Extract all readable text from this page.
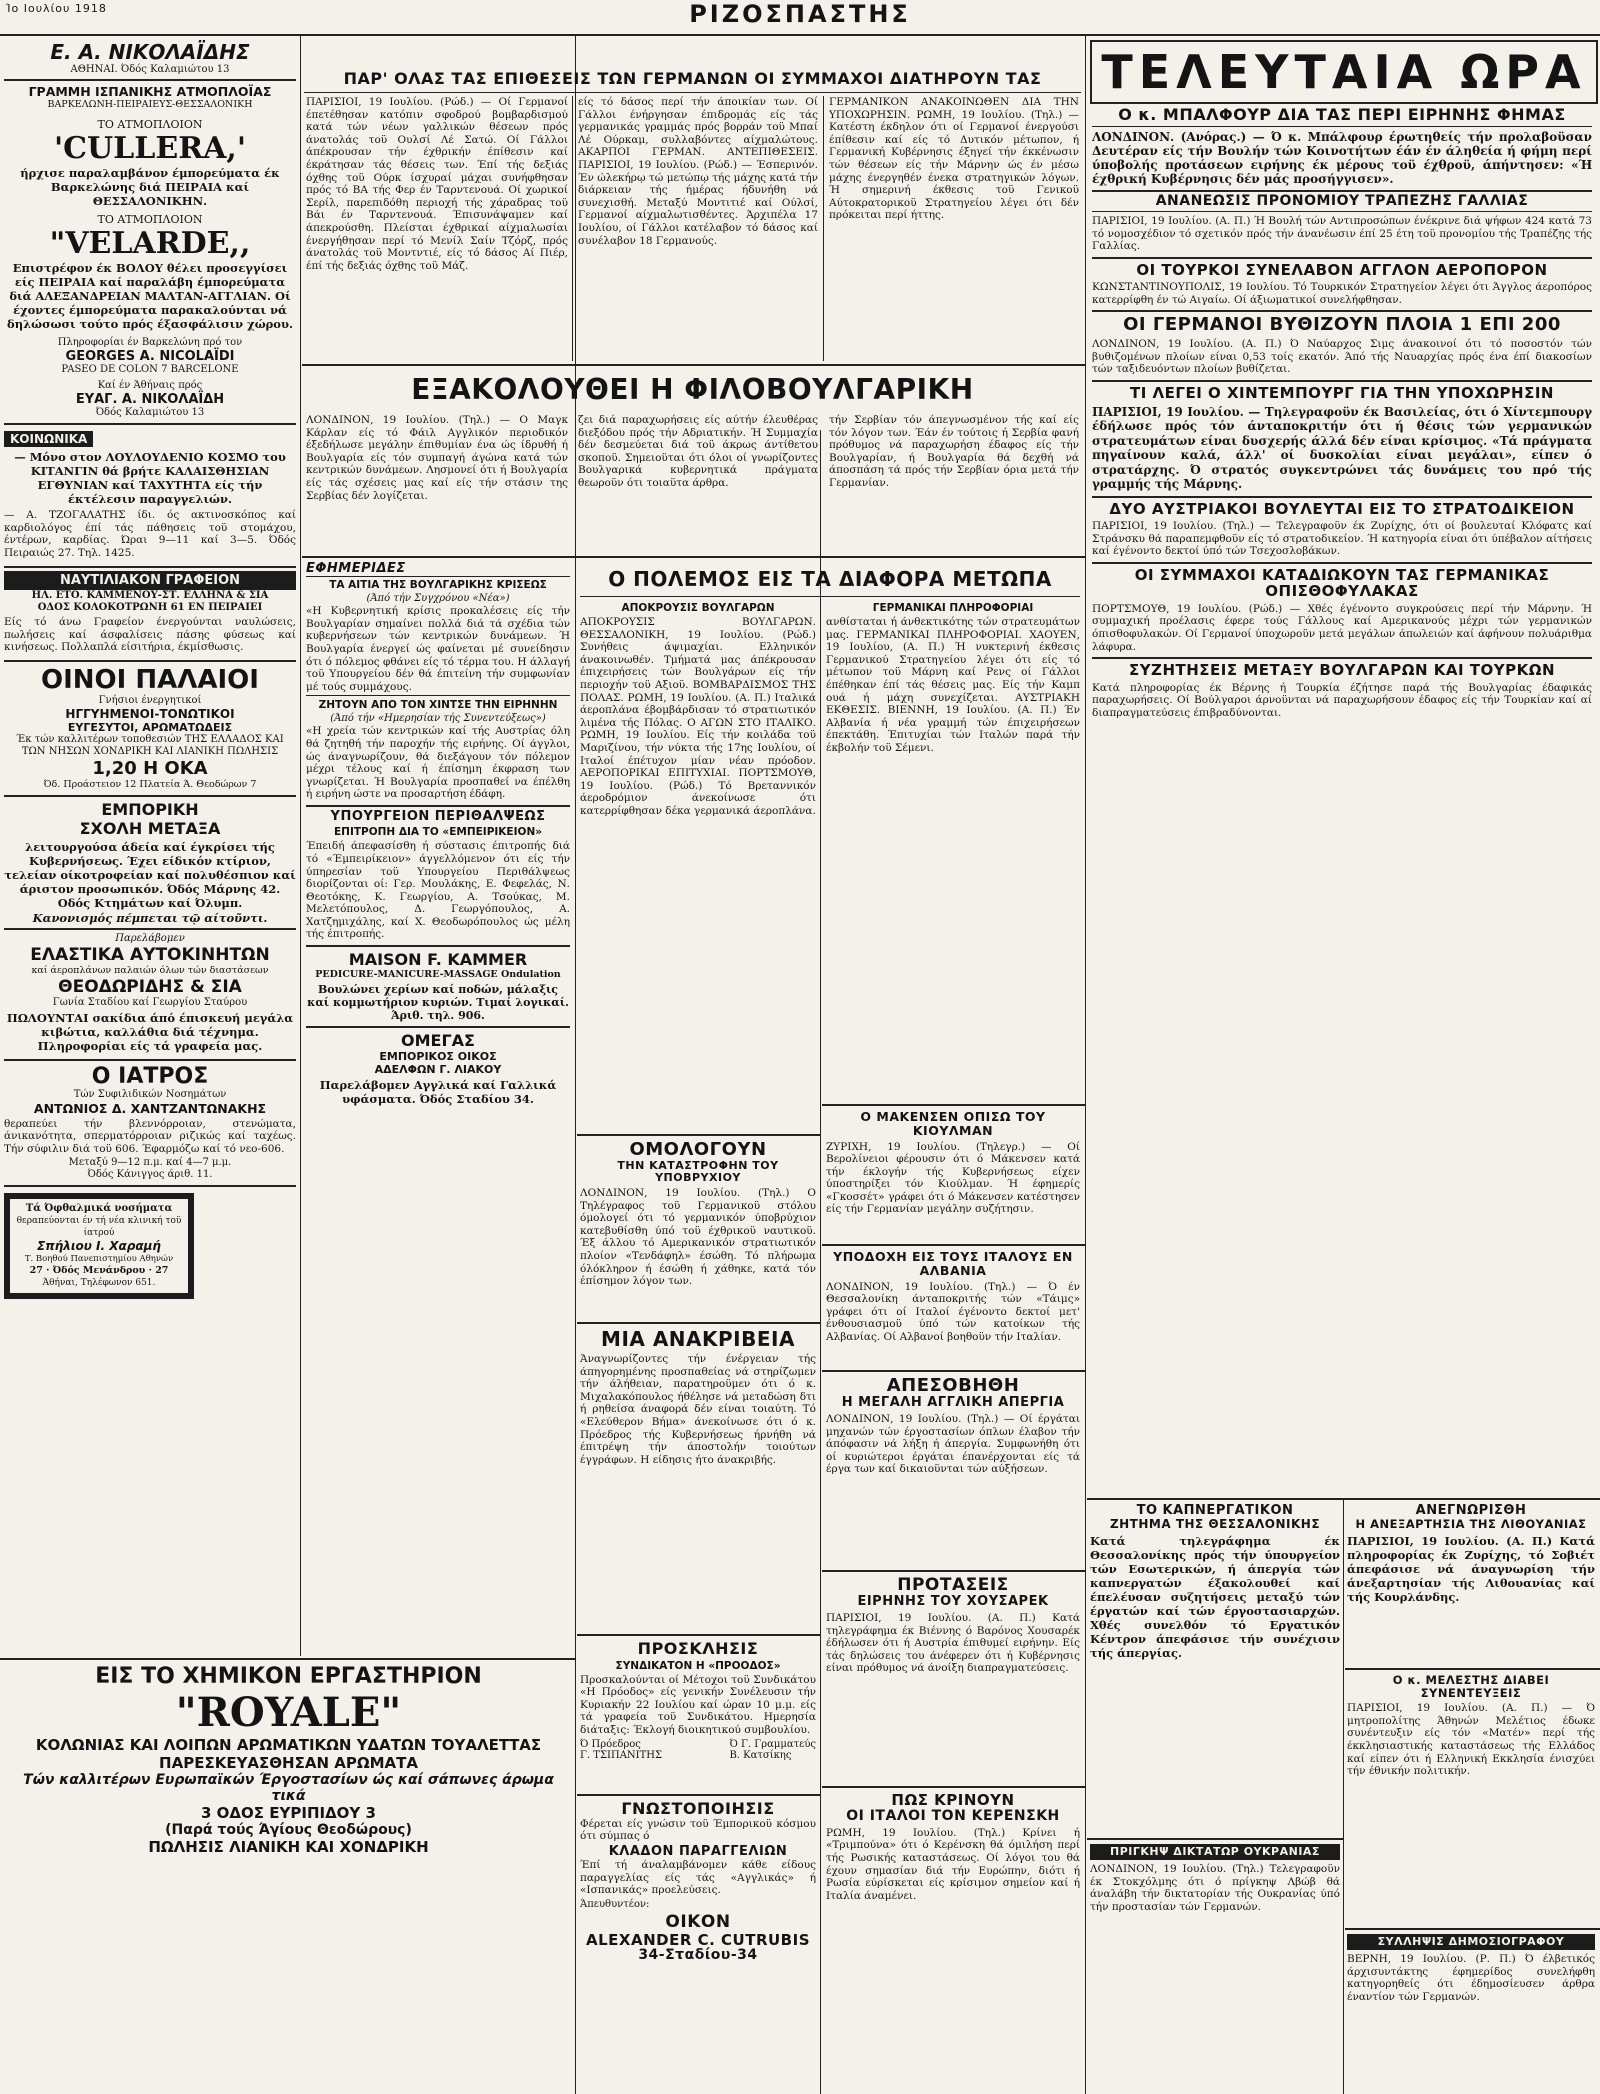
Ίο Ιουλίου 1918	ΡΙΖΟΣΠΑΣΤΗΣ
Ε. Α. ΝΙΚΟΛΑΪΔΗΣ
ΑΘΗΝΑΙ. Όδός Καλαμιώτου 13
ΓΡΑΜΜΗ ΙΣΠΑΝΙΚΗΣ ΑΤΜΟΠΛΟΪΑΣ
ΒΑΡΚΕΛΩΝΗ-ΠΕΙΡΑΙΕΥΣ-ΘΕΣΣΑΛΟΝΙΚΗ
ΤΟ ΑΤΜΟΠΛΟΙΟΝ
'CULLERA,'
ήρχισε παραλαμβάνον έμπορεύματα έκ Βαρκελώνης διά ΠΕΙΡΑΙΑ καί ΘΕΣΣΑΛΟΝΙΚΗΝ.
ΤΟ ΑΤΜΟΠΛΟΙΟΝ
"VELARDE,,
Επιστρέφον έκ ΒΟΛΟΥ θέλει προσεγγίσει είς ΠΕΙΡΑΙΑ καί παραλάβη έμπορεύματα διά ΑΛΕΞΑΝΔΡΕΙΑΝ ΜΑΛΤΑΝ-ΑΓΓΛΙΑΝ. Οί έχοντες έμπορεύματα παρακαλούνται νά δηλώσωσι τούτο πρός έξασφάλισιν χώρου.
Πληροφορίαι έν Βαρκελώνη πρό τον
GEORGES A. NICOLAÏDI
PASEO DE COLON 7 BARCELONE
Καί έν Άθήναις πρός
ΕΥΑΓ. Α. ΝΙΚΟΛΑΪΔΗ
Όδός Καλαμιώτου 13
ΚΟΙΝΩΝΙΚΑ

— Μόνο στον ΛΟΥΛΟΥΔΕΝΙΟ ΚΟΣΜΟ του ΚΙΤΑΝΓΙΝ θά βρήτε ΚΑΛΑΙΣΘΗΣΙΑΝ ΕΓΘΥΝΙΑΝ καί ΤΑΧΥΤΗΤΑ είς τήν έκτέλεσιν παραγγελιών.

— Α. ΤΖΟΓΑΛΑΤΗΣ ίδι. ός ακτινοσκόπος καί καρδιολόγος έπί τάς πάθησεις τοϋ στομάχου, έντέρων, καρδίας. Ώραι 9—11 καί 3—5. Όδός Πειραιώς 27. Τηλ. 1425.

ΝΑΥΤΙΛΙΑΚΟΝ ΓΡΑΦΕΙΟΝ
ΗΛ. ΕΤΟ. ΚΑΜΜΕΝΟΥ-ΣΤ. ΕΛΛΗΝΑ & ΣΙΑ
ΟΔΟΣ ΚΟΛΟΚΟΤΡΩΝΗ 61 ΕΝ ΠΕΙΡΑΙΕΙ

Είς τό άνω Γραφείον ένεργούνται ναυλώσεις, πωλήσεις καί άσφαλίσεις πάσης φύσεως καί κινήσεως. Πολλαπλά είσιτήρια, έκμίσθωσις.

ΟΙΝΟΙ ΠΑΛΑΙΟΙ
Γνήσιοι ένεργητικοί
ΗΓΓΥΗΜΕΝΟΙ-ΤΟΝΩΤΙΚΟΙ
ΕΥΓΕΣΥΤΟΙ, ΑΡΩΜΑΤΩΔΕΙΣ
Έκ τών καλλιτέρων τοποθεσιών ΤΗΣ ΕΛΛΑΔΟΣ ΚΑΙ ΤΩΝ ΝΗΣΩΝ ΧΟΝΔΡΙΚΗ ΚΑΙ ΛΙΑΝΙΚΗ ΠΩΛΗΣΙΣ
1,20 Η ΟΚΑ
Όδ. Προάστειον 12 Πλατεία Ά. Θεοδώρων 7
ΕΜΠΟΡΙΚΗ
ΣΧΟΛΗ ΜΕΤΑΞΑ

λειτουργούσα άδεία καί έγκρίσει τής Κυβερνήσεως. Έχει είδικόν κτίριον, τελείαν οίκοτροφείαν καί πολυθέσπιον καί άριστον προσωπικόν. Όδός Μάρνης 42. Οδός Κτημάτων καί Όλυμπ.

Κανονισμός πέμπεται τῷ αίτοῦντι.
Παρελάβομεν
ΕΛΑΣΤΙΚΑ ΑΥΤΟΚΙΝΗΤΩΝ
καί άεροπλάνων παλαιών όλων τών διαστάσεων
ΘΕΟΔΩΡΙΔΗΣ & ΣΙΑ
Γωνία Σταδίου καί Γεωργίου Σταύρου

ΠΩΛΟΥΝΤΑΙ σακίδια άπό έπισκευή μεγάλα κιβώτια, καλλάθια διά τέχνημα. Πληροφορίαι είς τά γραφεία μας.

Ο ΙΑΤΡΟΣ
Τών Συφιλιδικών Νοσημάτων
ΑΝΤΩΝΙΟΣ Δ. ΧΑΝΤΖΑΝΤΩΝΑΚΗΣ

θεραπεύει τήν βλεννόρροιαν, στενώματα, άνικανότητα, σπερματόρροιαν ριζικώς καί ταχέως. Τήν σύφιλιν διά τοϋ 606. Έφαρμόζω καί τό νεο-606.

Μεταξύ 9—12 π.μ. καί 4—7 μ.μ.
Όδός Κάνιγγος άριθ. 11.
Τά Όφθαλμικά νοσήματα
θεραπεύονται έν τή νέα κλινική τοϋ ίατρού
Σπήλιου Ι. Χαραμή
Τ. Βοηθού Πανεπιστημίου Αθηνών
27 · Όδός Μενάνδρου · 27
Άθήναι, Τηλέφωνον 651.
ΕΙΣ ΤΟ ΧΗΜΙΚΟΝ ΕΡΓΑΣΤΗΡΙΟΝ
"ROYALE"
ΚΟΛΩΝΙΑΣ ΚΑΙ ΛΟΙΠΩΝ ΑΡΩΜΑΤΙΚΩΝ ΥΔΑΤΩΝ ΤΟΥΑΛΕΤΤΑΣ
ΠΑΡΕΣΚΕΥΑΣΘΗΣΑΝ ΑΡΩΜΑΤΑ
Τών καλλιτέρων Ευρωπαϊκών Έργοστασίων ώς καί σάπωνες άρωμα τικά
3 ΟΔΟΣ ΕΥΡΙΠΙΔΟΥ 3
(Παρά τούς Άγίους Θεοδώρους)
ΠΩΛΗΣΙΣ ΛΙΑΝΙΚΗ ΚΑΙ ΧΟΝΔΡΙΚΗ
ΠΑΡ' ΟΛΑΣ ΤΑΣ ΕΠΙΘΕΣΕΙΣ ΤΩΝ ΓΕΡΜΑΝΩΝ ΟΙ ΣΥΜΜΑΧΟΙ ΔΙΑΤΗΡΟΥΝ ΤΑΣ

ΠΑΡΙΣΙΟΙ, 19 Ιουλίου. (Ρώδ.) — Οί Γερμανοί έπετέθησαν κατόπιν σφοδρού βομβαρδισμού κατά τών νέων γαλλικών θέσεων πρός άνατολάς τοϋ Ουλσί Λέ Σατώ. Οί Γάλλοι άπέκρουσαν τήν έχθρικήν έπίθεσιν καί έκράτησαν τάς θέσεις των. Έπί τής δεξιάς όχθης τοϋ Ούρκ ίσχυραί μάχαι συνήφθησαν πρός τό ΒΑ τής Φερ έν Ταρντενουά. Οί χωρικοί Σερίλ, παρεπιδόθη περιοχή τής χάραδρας τοϋ Βάι έν Ταρντενουά. Έπισυνάψαμεν καί άπεκρούσθη. Πλείσται έχθρικαί αίχμαλωσίαι ένεργήθησαν περί τό Μενίλ Σαίν Τζόρζ, πρός άνατολάς τοϋ Μοντντιέ, είς τό δάσος Αί Πιέρ, έπί τής δεξιάς όχθης τοϋ Μάζ.

είς τό δάσος περί τήν άποικίαν των. Οί Γάλλοι ένήργησαν έπιδρομάς είς τάς γερμανικάς γραμμάς πρός βορράν τοϋ Μπαί Λέ Ούρκαμ, συλλαβόντες αίχμαλώτους. ΑΚΑΡΠΟΙ ΓΕΡΜΑΝ. ΑΝΤΕΠΙΘΕΣΕΙΣ. ΠΑΡΙΣΙΟΙ, 19 Ιουλίου. (Ρώδ.) — Έσπερινόν. Έν ώλεκήρῳ τώ μετώπῳ τής μάχης κατά τήν διάρκειαν τής ήμέρας ήδυνήθη νά συνεχισθή. Μεταξύ Μοντιτιέ καί Ούλσί, Γερμανοί αίχμαλωτισθέντες. Άρχιπέλα 17 Ιουλίου, οί Γάλλοι κατέλαβον τό δάσος καί συνέλαβον 18 Γερμανούς.

ΓΕΡΜΑΝΙΚΟΝ ΑΝΑΚΟΙΝΩΘΕΝ ΔΙΑ ΤΗΝ ΥΠΟΧΩΡΗΣΙΝ. ΡΩΜΗ, 19 Ιουλίου. (Τηλ.) — Κατέστη έκδηλον ότι οί Γερμανοί ένεργούσι έπίθεσιν καί είς τό Δυτικόν μέτωπον, ή Γερμανική Κυβέρνησις έξηγεί τήν έκκένωσιν τών θέσεων είς τήν Μάρνην ώς έν μέσω μάχης ένεργηθέν ένεκα στρατηγικών λόγων. Ή σημερινή έκθεσις τοϋ Γενικοϋ Αύτοκρατορικοϋ Στρατηγείου λέγει ότι δέν πρόκειται περί ήττης.

ΕΞΑΚΟΛΟΥΘΕΙ Η ΦΙΛΟΒΟΥΛΓΑΡΙΚΗ

ΛΟΝΔΙΝΟΝ, 19 Ιουλίου. (Τηλ.) — Ο Μαγκ Κάρλαν είς τό Φάιλ Αγγλικόν περιοδικόν έξεδήλωσε μεγάλην έπιθυμίαν ένα ώς ίδρυθή ή Βουλγαρία είς τόν συμπαγή άγώνα κατά τών κεντρικών δυνάμεων. Λησμονεί ότι ή Βουλγαρία είς τάς σχέσεις μας καί είς τήν στάσιν της Σερβίας δέν λογίζεται.

ζει διά παραχωρήσεις είς αύτήν έλευθέρας διεξόδου πρός τήν Αδριατικήν. Ή Συμμαχία δέν δεσμεύεται διά τοϋ άκρως άντίθετου σκοποϋ. Σημειοϋται ότι όλοι οί γνωρίζοντες Βουλγαρικά κυβερνητικά πράγματα θεωροϋν ότι τοιαϋτα άρθρα.

τήν Σερβίαν τόν άπεγνωσμένον τής καί είς τόν λόγον των. Έάν έν τούτοις ή Σερβία φανή πρόθυμος νά παραχωρήση έδαφος είς τήν Βουλγαρίαν, ή Βουλγαρία θά δεχθή νά άποσπάση τά πρός τήν Σερβίαν όρια μετά τήν Γερμανίαν.

ΕΦΗΜΕΡΙΔΕΣ
ΤΑ ΑΙΤΙΑ ΤΗΣ ΒΟΥΛΓΑΡΙΚΗΣ ΚΡΙΣΕΩΣ
(Άπό τήν Συγχρόνου «Νέα»)

«Η Κυβερνητική κρίσις προκαλέσεις είς τήν Βουλγαρίαν σημαίνει πολλά διά τά σχέδια τών κυβερνήσεων τών κεντρικών δυνάμεων. Ή Βουλγαρία ένεργεί ώς φαίνεται μέ συνείδησιν ότι ό πόλεμος φθάνει είς τό τέρμα του. Η άλλαγή τοϋ Υπουργείου δέν θά έπιτείνη τήν συμφωνίαν μέ τούς συμμάχους.

ΖΗΤΟΥΝ ΑΠΟ ΤΟΝ ΧΙΝΤΣΕ ΤΗΝ ΕΙΡΗΝΗΝ
(Άπό τήν «Ημερησίαν τής Συνεντεύξεως»)

«Η χρεία τών κεντρικών καί τής Αυστρίας όλη θά ζητηθή τήν παροχήν τής ειρήνης. Οί άγγλοι, ώς άναγνωρίζουν, θά διεξάγουν τόν πόλεμον μέχρι τέλους καί ή έπίσημη έκφραση των γνωρίζεται. Ή Βουλγαρία προσπαθεί να έπέλθη ή ειρήνη ώστε να προσαρτήση έδάφη.

ΥΠΟΥΡΓΕΙΟΝ ΠΕΡΙΘΑΛΨΕΩΣ
ΕΠΙΤΡΟΠΗ ΔΙΑ ΤΟ «ΕΜΠΕΙΡΙΚΕΙΟΝ»

Έπειδή άπεφασίσθη ή σύστασις έπιτροπής διά τό «Έμπειρίκειον» άγγελλόμενον ότι είς τήν ύπηρεσίαν τοϋ Υπουργείου Περιθάλψεως διορίζονται οί: Γερ. Μουλάκης, Ε. Φεφελάς, Ν. Θεοτόκης, Κ. Γεωργίου, Α. Τσούκας, Μ. Μελετόπουλος, Δ. Γεωργόπουλος, Α. Χατζημιχάλης, καί Χ. Θεοδωρόπουλος ώς μέλη τής έπιτροπής.

MAISON F. KAMMER
PEDICURE-MANICURE-MASSAGE Ondulation

Βουλώνει χερίων καί ποδών, μάλαξις καί κομμωτήριον κυριών. Τιμαί λογικαί. Άριθ. τηλ. 906.

ΟΜΕΓΑΣ
ΕΜΠΟΡΙΚΟΣ ΟΙΚΟΣ
ΑΔΕΛΦΩΝ Γ. ΛΙΑΚΟΥ

Παρελάβομεν Αγγλικά καί Γαλλικά υφάσματα. Όδός Σταδίου 34.

Ο ΠΟΛΕΜΟΣ ΕΙΣ ΤΑ ΔΙΑΦΟΡΑ ΜΕΤΩΠΑ
ΑΠΟΚΡΟΥΣΙΣ ΒΟΥΛΓΑΡΩΝ

ΑΠΟΚΡΟΥΣΙΣ ΒΟΥΛΓΑΡΩΝ. ΘΕΣΣΑΛΟΝΙΚΗ, 19 Ιουλίου. (Ρώδ.) Συνήθεις άψιμαχίαι. Ελληνικόν άνακοινωθέν. Τμήματά μας άπέκρουσαν έπιχειρήσεις τών Βουλγάρων είς τήν περιοχήν τοϋ Αξιοϋ. ΒΟΜΒΑΡΔΙΣΜΟΣ ΤΗΣ ΠΟΛΑΣ. ΡΩΜΗ, 19 Ιουλίου. (Α. Π.) Ιταλικά άεροπλάνα έβομβάρδισαν τό στρατιωτικόν λιμένα τής Πόλας. Ο ΑΓΩΝ ΣΤΟ ΙΤΑΛΙΚΟ. ΡΩΜΗ, 19 Ιουλίου. Είς τήν κοιλάδα τοϋ Μαριζίνου, τήν νύκτα τής 17ης Ιουλίου, οί Ιταλοί έπέτυχον μίαν νέαν πρόοδον. ΑΕΡΟΠΟΡΙΚΑΙ ΕΠΙΤΥΧΙΑΙ. ΠΟΡΤΣΜΟΥΘ, 19 Ιουλίου. (Ρώδ.) Τό Βρεταννικόν άεροδρόμιον άνεκοίνωσε ότι κατερρίφθησαν δέκα γερμανικά άεροπλάνα.

ΓΕΡΜΑΝΙΚΑΙ ΠΛΗΡΟΦΟΡΙΑΙ

ανθίσταται ή άνθεκτικότης τών στρατευμάτων μας. ΓΕΡΜΑΝΙΚΑΙ ΠΛΗΡΟΦΟΡΙΑΙ. ΧΑΟΥΕΝ, 19 Ιουλίου, (Α. Π.) Ή νυκτερινή έκθεσις Γερμανικού Στρατηγείου λέγει ότι είς τό μέτωπον τοϋ Μάρνη καί Ρενς οί Γάλλοι έπέθηκαν έπί τάς θέσεις μας. Είς τήν Καμπ ουά ή μάχη συνεχίζεται. ΑΥΣΤΡΙΑΚΗ ΕΚΘΕΣΙΣ. ΒΙΕΝΝΗ, 19 Ιουλίου. (Α. Π.) Έν Αλβανία ή νέα γραμμή τών έπιχειρήσεων έπεκτάθη. Έπιτυχίαι τών Ιταλών παρά τήν έκβολήν τοϋ Σέμενι.

ΟΜΟΛΟΓΟΥΝ
ΤΗΝ ΚΑΤΑΣΤΡΟΦΗΝ ΤΟΥ ΥΠΟΒΡΥΧΙΟΥ

ΛΟΝΔΙΝΟΝ, 19 Ιουλίου. (Τηλ.) Ο Τηλέγραφος τοϋ Γερμανικοϋ στόλου όμολογεί ότι τό γερμανικόν ύποβρύχιον κατεβυθίσθη ύπό τοϋ έχθρικοϋ ναυτικοϋ. Έξ άλλου τό Αμερικανικόν στρατιωτικόν πλοίον «Τενδάφηλ» έσώθη. Τό πλήρωμα όλόκληρον ή έσώθη ή χάθηκε, κατά τόν έπίσημον λόγον των.

ΜΙΑ ΑΝΑΚΡΙΒΕΙΑ

Άναγνωρίζοντες τήν ένέργειαν τής άπηγορημένης προσπαθείας νά στηρίζωμεν τήν άλήθειαν, παρατηροϋμεν ότι ό κ. Μιχαλακόπουλος ήθέλησε νά μεταδώση δτι ή ρηθείσα άναφορά δέν είναι τοιαύτη. Τό «Ελεύθερον Βήμα» άνεκοίνωσε ότι ό κ. Πρόεδρος τής Κυβερνήσεως ήρνήθη νά έπιτρέψη τήν άποστολήν τοιούτων έγγράφων. Η είδησις ήτο άνακριβής.

ΠΡΟΣΚΛΗΣΙΣ
ΣΥΝΔΙΚΑΤΟΝ Η «ΠΡΟΟΔΟΣ»

Προσκαλούνται οί Μέτοχοι τοϋ Συνδικάτου «Η Πρόοδος» είς γενικήν Συνέλευσιν τήν Κυριακήν 22 Ιουλίου καί ώραν 10 μ.μ. είς τά γραφεία τοϋ Συνδικάτου. Ημερησία διάταξις: Έκλογή διοικητικού συμβουλίου.

Ό Πρόεδρος
Γ. ΤΣΙΠΑΝΙΤΗΣ
Ό Γ. Γραμματεύς
Β. Κατσίκης
ΓΝΩΣΤΟΠΟΙΗΣΙΣ

Φέρεται είς γνώσιν τοϋ Έμπορικοϋ κόσμου ότι σύμπας ό

ΚΛΑΔΟΝ ΠΑΡΑΓΓΕΛΙΩΝ

Έπί τή άναλαμβάνομεν κάθε είδους παραγγελίας είς τάς «Αγγλικάς» ή «Ισπανικάς» προελεύσεις.

Άπευθυντέον:
ΟΙΚΟΝ
ALEXANDER C. CUTRUBIS
34-Σταδίου-34
Ο ΜΑΚΕΝΣΕΝ ΟΠΙΣΩ ΤΟΥ ΚΙΟΥΛΜΑΝ

ΖΥΡΙΧΗ, 19 Ιουλίου. (Τηλεγρ.) — Οί Βερολίνειοι φέρουσιν ότι ό Μάκενσεν κατά τήν έκλογήν τής Κυβερνήσεως είχεν ύποστηρίξει τόν Κιούλμαν. Ή έφημερίς «Γκοσσέτ» γράφει ότι ό Μάκενσεν κατέστησεν είς τήν Γερμανίαν μεγάλην συζήτησιν.

ΥΠΟΔΟΧΗ ΕΙΣ ΤΟΥΣ ΙΤΑΛΟΥΣ ΕΝ ΑΛΒΑΝΙΑ

ΛΟΝΔΙΝΟΝ, 19 Ιουλίου. (Τηλ.) — Ό έν Θεσσαλονίκη άνταποκριτής τών «Τάιμς» γράφει ότι οί Ιταλοί έγένοντο δεκτοί μετ' ένθουσιασμοϋ ύπό τών κατοίκων τής Αλβανίας. Οί Αλβανοί βοηθοϋν τήν Ιταλίαν.

ΑΠΕΣΟΒΗΘΗ
Η ΜΕΓΑΛΗ ΑΓΓΛΙΚΗ ΑΠΕΡΓΙΑ

ΛΟΝΔΙΝΟΝ, 19 Ιουλίου. (Τηλ.) — Οί έργάται μηχανών τών έργοστασίων όπλων έλαβον τήν άπόφασιν νά λήξη ή άπεργία. Συμφωνήθη ότι οί κυριώτεροι έργάται έπανέρχονται είς τά έργα των καί δικαιοϋνται τών αύξήσεων.

ΠΡΟΤΑΣΕΙΣ
ΕΙΡΗΝΗΣ ΤΟΥ ΧΟΥΣΑΡΕΚ

ΠΑΡΙΣΙΟΙ, 19 Ιουλίου. (Α. Π.) Κατά τηλεγράφημα έκ Βιέννης ό Βαρόνος Χουσαρέκ έδήλωσεν ότι ή Αυστρία έπιθυμεί ειρήνην. Είς τάς δηλώσεις του άνέφερεν ότι ή Κυβέρνησις είναι πρόθυμος νά άνοίξη διαπραγματεύσεις.

ΠΩΣ ΚΡΙΝΟΥΝ
ΟΙ ΙΤΑΛΟΙ ΤΟΝ ΚΕΡΕΝΣΚΗ

ΡΩΜΗ, 19 Ιουλίου. (Τηλ.) Κρίνει ή «Τριμπούνα» ότι ό Κερένσκη θά όμιλήση περί τής Ρωσικής καταστάσεως. Οί λόγοι του θά έχουν σημασίαν διά τήν Ευρώπην, διότι ή Ρωσία εύρίσκεται είς κρίσιμον σημείον καί ή Ιταλία άναμένει.

ΤΕΛΕΥΤΑΙΑ ΩΡΑ
Ο κ. ΜΠΑΛΦΟΥΡ ΔΙΑ ΤΑΣ ΠΕΡΙ ΕΙΡΗΝΗΣ ΦΗΜΑΣ

ΛΟΝΔΙΝΟΝ. (Ανόρας.) — Ό κ. Μπάλφουρ έρωτηθείς τήν προλαβοϋσαν Δευτέραν είς τήν Βουλήν τών Κοινοτήτων έάν έν άληθεία ή φήμη περί ύποβολής προτάσεων ειρήνης έκ μέρους τοϋ έχθροϋ, άπήντησεν: «Ή έχθρική Κυβέρνησις δέν μάς προσήγγισεν».

ΑΝΑΝΕΩΣΙΣ ΠΡΟΝΟΜΙΟΥ ΤΡΑΠΕΖΗΣ ΓΑΛΛΙΑΣ

ΠΑΡΙΣΙΟΙ, 19 Ιουλίου. (Α. Π.) Ή Βουλή τών Αντιπροσώπων ένέκρινε διά ψήφων 424 κατά 73 τό νομοσχέδιον τό σχετικόν πρός τήν άνανέωσιν έπί 25 έτη τοϋ προνομίου τής Τραπέζης τής Γαλλίας.

ΟΙ ΤΟΥΡΚΟΙ ΣΥΝΕΛΑΒΟΝ ΑΓΓΛΟΝ ΑΕΡΟΠΟΡΟΝ

ΚΩΝΣΤΑΝΤΙΝΟΥΠΟΛΙΣ, 19 Ιουλίου. Τό Τουρκικόν Στρατηγείον λέγει ότι Άγγλος άεροπόρος κατερρίφθη έν τώ Αιγαίω. Οί άξιωματικοί συνελήφθησαν.

ΟΙ ΓΕΡΜΑΝΟΙ ΒΥΘΙΖΟΥΝ ΠΛΟΙΑ 1 ΕΠΙ 200

ΛΟΝΔΙΝΟΝ, 19 Ιουλίου. (Α. Π.) Ό Ναύαρχος Σιμς άνακοινοί ότι τό ποσοστόν τών βυθιζομένων πλοίων είναι 0,53 τοίς εκατόν. Άπό τής Ναυαρχίας πρός ένα έπί διακοσίων τών ταξιδευόντων πλοίων βυθίζεται.

ΤΙ ΛΕΓΕΙ Ο ΧΙΝΤΕΜΠΟΥΡΓ ΓΙΑ ΤΗΝ ΥΠΟΧΩΡΗΣΙΝ

ΠΑΡΙΣΙΟΙ, 19 Ιουλίου. — Τηλεγραφοϋν έκ Βασιλείας, ότι ό Χίντεμπουργ έδήλωσε πρός τόν άνταποκριτήν ότι ή θέσις τών γερμανικών στρατευμάτων είναι δυσχερής άλλά δέν είναι κρίσιμος. «Τά πράγματα πηγαίνουν καλά, άλλ' οί δυσκολίαι είναι μεγάλαι», είπεν ό στρατάρχης. Ό στρατός συγκεντρώνει τάς δυνάμεις του πρό τής γραμμής τής Μάρνης.

ΔΥΟ ΑΥΣΤΡΙΑΚΟΙ ΒΟΥΛΕΥΤΑΙ ΕΙΣ ΤΟ ΣΤΡΑΤΟΔΙΚΕΙΟΝ

ΠΑΡΙΣΙΟΙ, 19 Ιουλίου. (Τηλ.) — Τελεγραφοϋν έκ Ζυρίχης, ότι οί βουλευταί Κλόφατς καί Στράνσκυ θά παραπεμφθοϋν είς τό στρατοδικείον. Ή κατηγορία είναι ότι ύπέβαλον αίτήσεις καί έγένοντο δεκτοί ύπό τών Τσεχοσλοβάκων.

ΟΙ ΣΥΜΜΑΧΟΙ ΚΑΤΑΔΙΩΚΟΥΝ ΤΑΣ ΓΕΡΜΑΝΙΚΑΣ ΟΠΙΣΘΟΦΥΛΑΚΑΣ

ΠΟΡΤΣΜΟΥΘ, 19 Ιουλίου. (Ρώδ.) — Χθές έγένοντο συγκρούσεις περί τήν Μάρνην. Ή συμμαχική προέλασις έφερε τούς Γάλλους καί Αμερικανούς μέχρι τών γερμανικών όπισθοφυλακών. Οί Γερμανοί ύποχωροϋν μετά μεγάλων άπωλειών καί άφήνουν πολυάριθμα λάφυρα.

ΣΥΖΗΤΗΣΕΙΣ ΜΕΤΑΞΥ ΒΟΥΛΓΑΡΩΝ ΚΑΙ ΤΟΥΡΚΩΝ

Κατά πληροφορίας έκ Βέρνης ή Τουρκία έζήτησε παρά τής Βουλγαρίας έδαφικάς παραχωρήσεις. Οί Βούλγαροι άρνοϋνται νά παραχωρήσουν έδαφος είς τήν Τουρκίαν καί αί διαπραγματεύσεις έπιβραδύνονται.

ΤΟ ΚΑΠΝΕΡΓΑΤΙΚΟΝ
ΖΗΤΗΜΑ ΤΗΣ ΘΕΣΣΑΛΟΝΙΚΗΣ

Κατά τηλεγράφημα έκ Θεσσαλονίκης πρός τήν ύπουργείον τών Εσωτερικών, ή άπεργία τών καπνεργατών έξακολουθεί καί έπελέυσαν συζητήσεις μεταξύ τών έργατών καί τών έργοστασιαρχών. Χθές συνελθόν τό Εργατικόν Κέντρον άπεφάσισε τήν συνέχισιν τής άπεργίας.

ΠΡΙΓΚΗΨ ΔΙΚΤΑΤΩΡ ΟΥΚΡΑΝΙΑΣ

ΛΟΝΔΙΝΟΝ, 19 Ιουλίου. (Τηλ.) Τελεγραφοϋν έκ Στοκχόλμης ότι ό πρίγκηψ Λβώβ θά άναλάβη τήν δικτατορίαν τής Ουκρανίας ύπό τήν προστασίαν τών Γερμανών.

ΑΝΕΓΝΩΡΙΣΘΗ
Η ΑΝΕΞΑΡΤΗΣΙΑ ΤΗΣ ΛΙΘΟΥΑΝΙΑΣ

ΠΑΡΙΣΙΟΙ, 19 Ιουλίου. (Α. Π.) Κατά πληροφορίας έκ Ζυρίχης, τό Σοβιέτ άπεφάσισε νά άναγνωρίση τήν άνεξαρτησίαν τής Λιθουανίας καί τής Κουρλάνδης.

Ο κ. ΜΕΛΕΣΤΗΣ ΔΙΑΒΕΙ ΣΥΝΕΝΤΕΥΞΕΙΣ

ΠΑΡΙΣΙΟΙ, 19 Ιουλίου. (Α. Π.) — Ό μητροπολίτης Άθηνών Μελέτιος έδωκε συνέντευξιν είς τόν «Ματέν» περί τής έκκλησιαστικής καταστάσεως τής Ελλάδος καί είπεν ότι ή Ελληνική Εκκλησία ένισχύει τήν έθνικήν πολιτικήν.

ΣΥΛΛΗΨΙΣ ΔΗΜΟΣΙΟΓΡΑΦΟΥ

ΒΕΡΝΗ, 19 Ιουλίου. (Ρ. Π.) Ό έλβετικός άρχισυντάκτης έφημερίδος συνελήφθη κατηγορηθείς ότι έδημοσίευσεν άρθρα έναντίον τών Γερμανών.
